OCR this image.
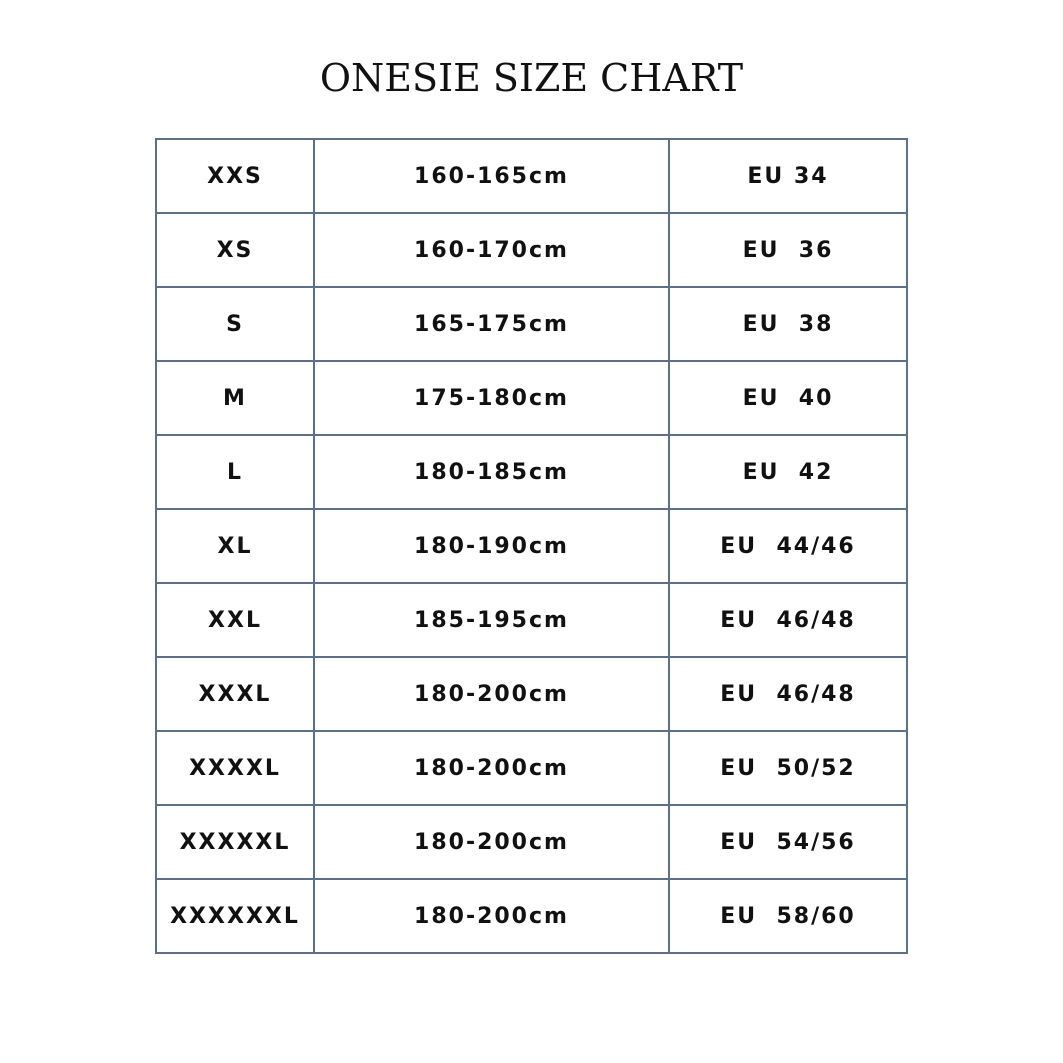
ONESIE SIZE CHART
XXS	160-165cm	EU 34
XS	160-170cm	EU  36
S	165-175cm	EU  38
M	175-180cm	EU  40
L	180-185cm	EU  42
XL	180-190cm	EU  44/46
XXL	185-195cm	EU  46/48
XXXL	180-200cm	EU  46/48
XXXXL	180-200cm	EU  50/52
XXXXXL	180-200cm	EU  54/56
XXXXXXL	180-200cm	EU  58/60
